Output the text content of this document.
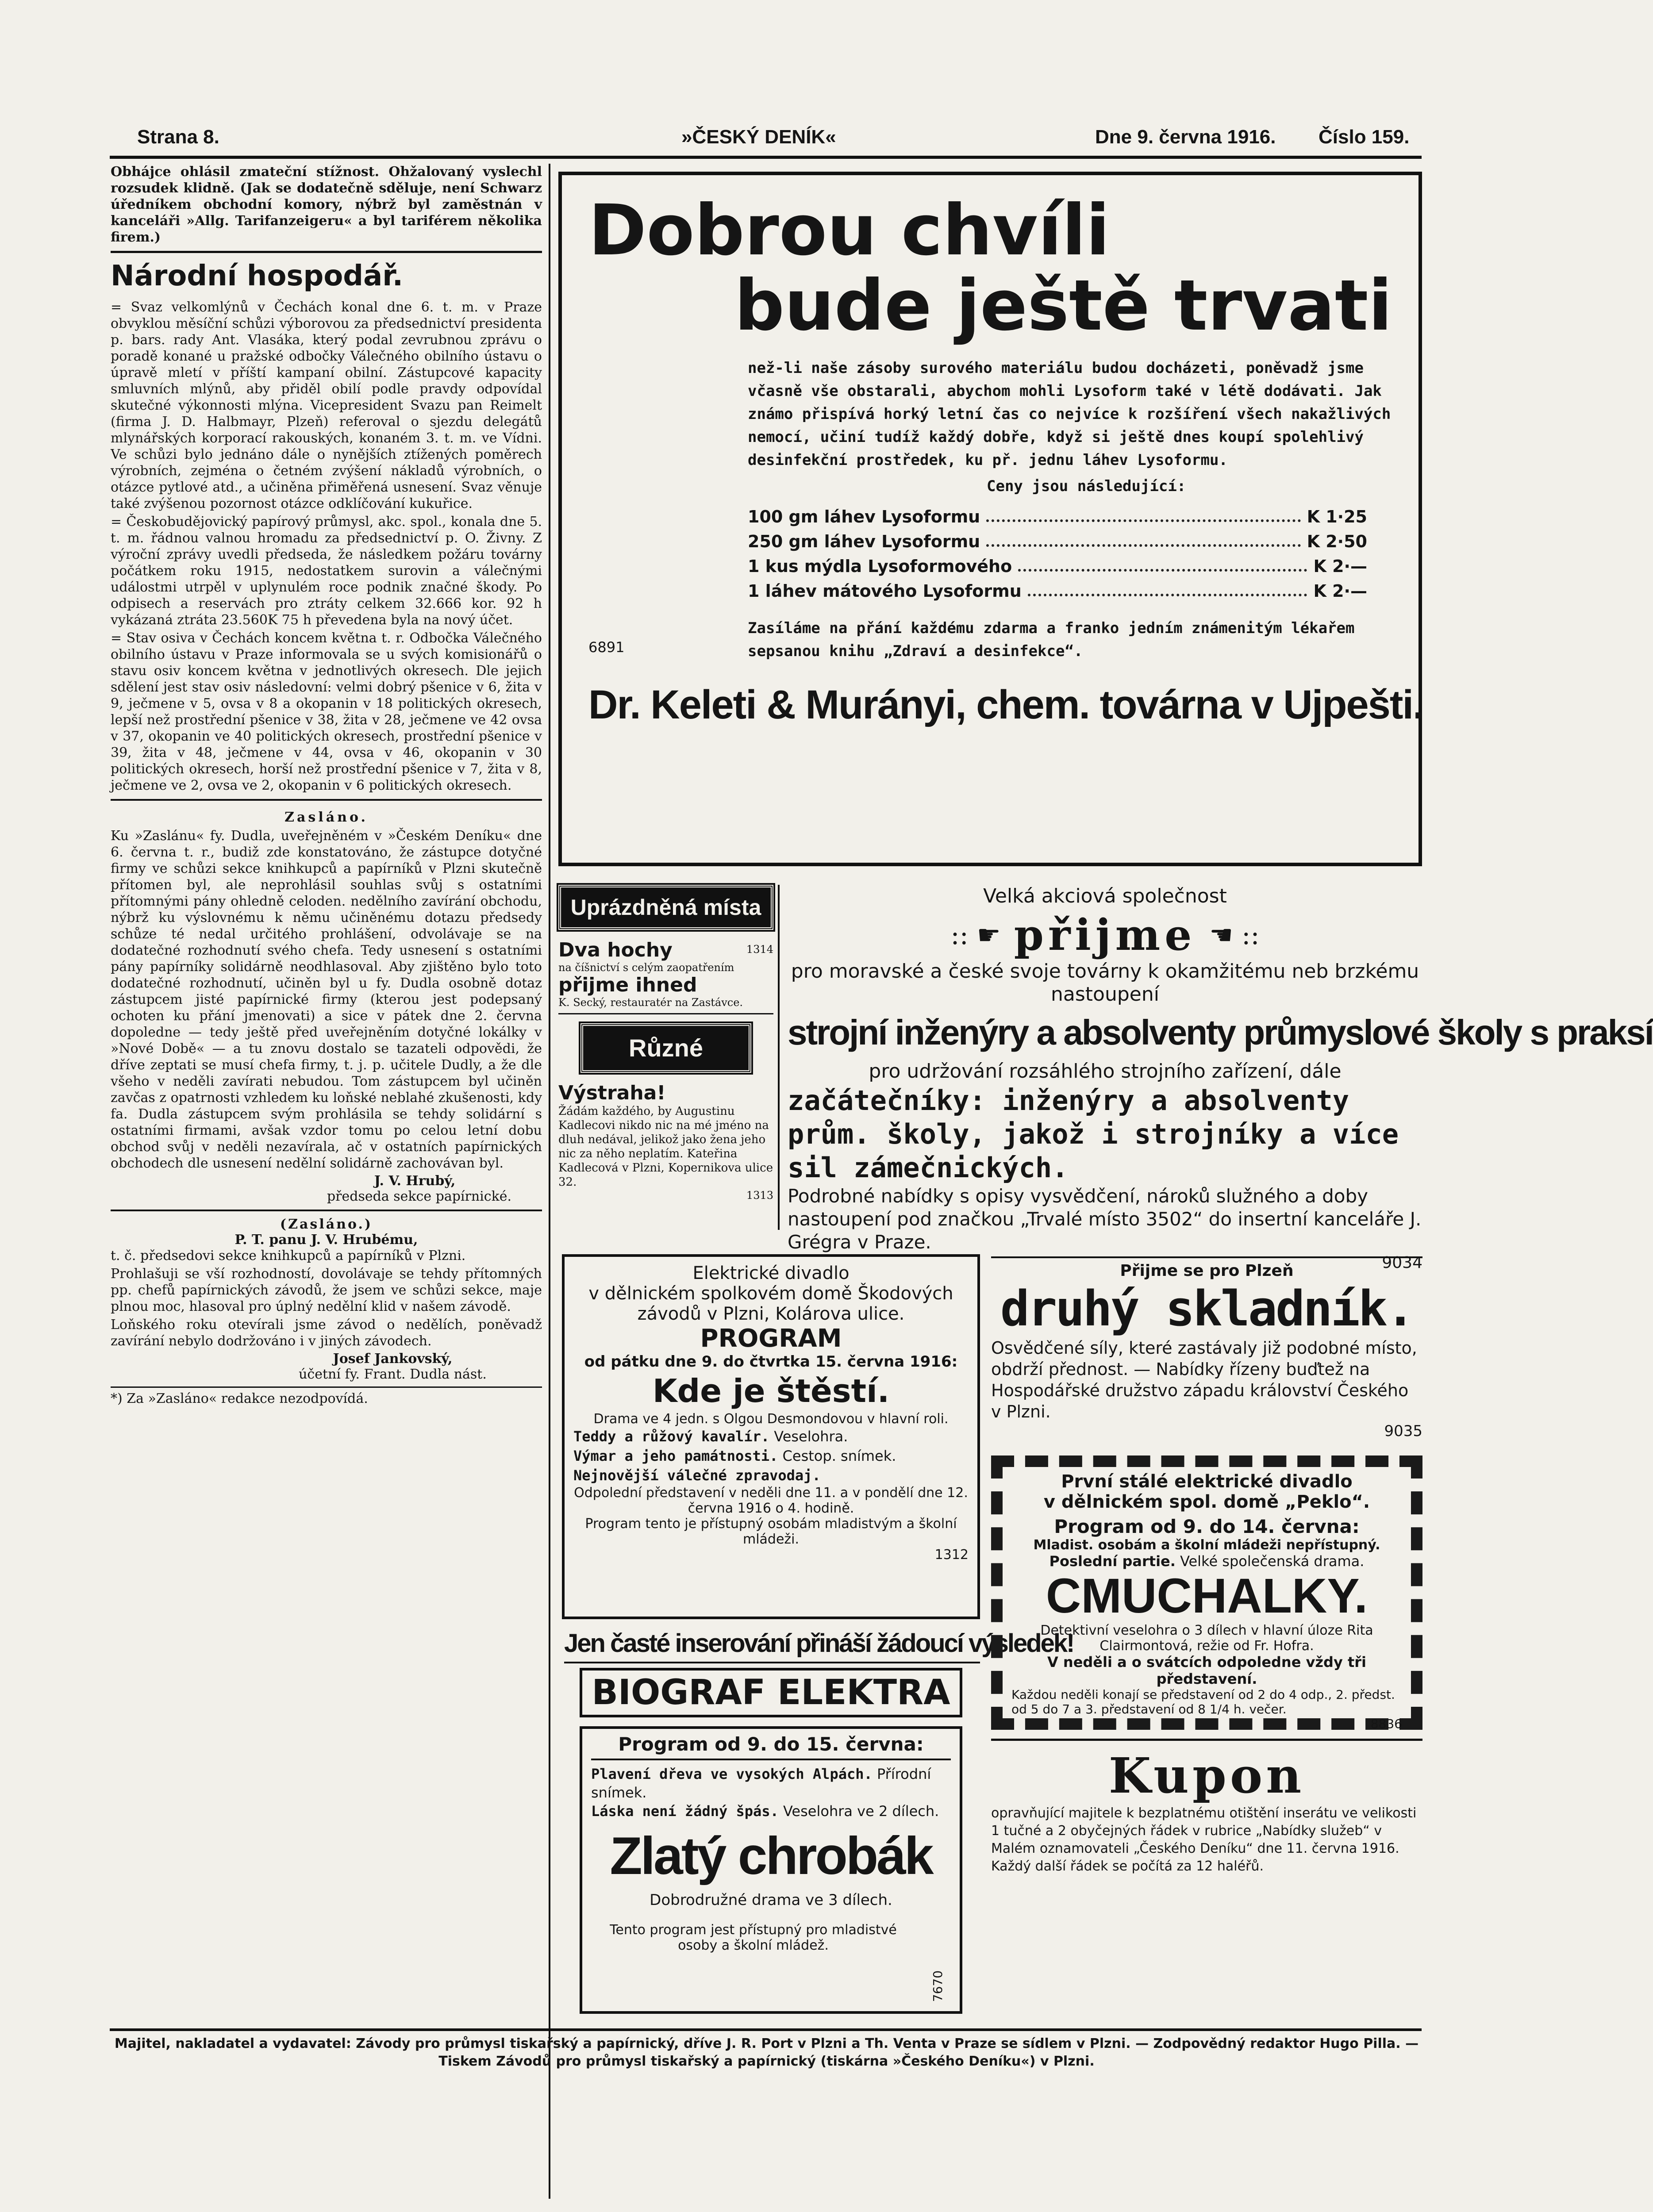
Strana 8.	»ČESKÝ DENÍK«	Dne 9. června 1916. Číslo 159.

Obhájce ohlásil zmateční stížnost. Ohžalovaný vyslechl rozsudek klidně. (Jak se dodatečně sděluje, není Schwarz úředníkem obchodní komory, nýbrž byl zaměstnán v kanceláři »Allg. Tarifanzeigeru« a byl tariférem několika firem.)

Národní hospodář.

= Svaz velkomlýnů v Čechách konal dne 6. t. m. v Praze obvyklou měsíční schůzi výborovou za předsednictví presidenta p. bars. rady Ant. Vlasáka, který podal zevrubnou zprávu o poradě konané u pražské odbočky Válečného obilního ústavu o úpravě mletí v příští kampaní obilní. Zástupcové kapacity smluvních mlýnů, aby přiděl obilí podle pravdy odpovídal skutečné výkonnosti mlýna. Vicepresident Svazu pan Reimelt (firma J. D. Halbmayr, Plzeň) referoval o sjezdu delegátů mlynářských korporací rakouských, konaném 3. t. m. ve Vídni. Ve schůzi bylo jednáno dále o nynějších ztížených poměrech výrobních, zejména o četném zvýšení nákladů výrobních, o otázce pytlové atd., a učiněna přiměřená usnesení. Svaz věnuje také zvýšenou pozornost otázce odklíčování kukuřice.

= Českobudějovický papírový průmysl, akc. spol., konala dne 5. t. m. řádnou valnou hromadu za předsednictví p. O. Živny. Z výroční zprávy uvedli předseda, že následkem požáru továrny počátkem roku 1915, nedostatkem surovin a válečnými událostmi utrpěl v uplynulém roce podnik značné škody. Po odpisech a reservách pro ztráty celkem 32.666 kor. 92 h vykázaná ztráta 23.560K 75 h převedena byla na nový účet.

= Stav osiva v Čechách koncem května t. r. Odbočka Válečného obilního ústavu v Praze informovala se u svých komisionářů o stavu osiv koncem května v jednotlivých okresech. Dle jejich sdělení jest stav osiv následovní: velmi dobrý pšenice v 6, žita v 9, ječmene v 5, ovsa v 8 a okopanin v 18 politických okresech, lepší než prostřední pšenice v 38, žita v 28, ječmene ve 42 ovsa v 37, okopanin ve 40 politických okresech, prostřední pšenice v 39, žita v 48, ječmene v 44, ovsa v 46, okopanin v 30 politických okresech, horší než prostřední pšenice v 7, žita v 8, ječmene ve 2, ovsa ve 2, okopanin v 6 politických okresech.

Zasláno.

Ku »Zaslánu« fy. Dudla, uveřejněném v »Českém Deníku« dne 6. června t. r., budiž zde konstatováno, že zástupce dotyčné firmy ve schůzi sekce knihkupců a papírníků v Plzni skutečně přítomen byl, ale neprohlásil souhlas svůj s ostatními přítomnými pány ohledně celoden. nedělního zavírání obchodu, nýbrž ku výslovnému k němu učiněnému dotazu předsedy schůze té nedal určitého prohlášení, odvolávaje se na dodatečné rozhodnutí svého chefa. Tedy usnesení s ostatními pány papírníky solidárně neodhlasoval. Aby zjištěno bylo toto dodatečné rozhodnutí, učiněn byl u fy. Dudla osobně dotaz zástupcem jisté papírnické firmy (kterou jest podepsaný ochoten ku přání jmenovati) a sice v pátek dne 2. června dopoledne — tedy ještě před uveřejněním dotyčné lokálky v »Nové Době« — a tu znovu dostalo se tazateli odpovědi, že dříve zeptati se musí chefa firmy, t. j. p. učitele Dudly, a že dle všeho v neděli zavírati nebudou. Tom zástupcem byl učiněn zavčas z opatrnosti vzhledem ku loňské neblahé zkušenosti, kdy fa. Dudla zástupcem svým prohlásila se tehdy solidární s ostatními firmami, avšak vzdor tomu po celou letní dobu obchod svůj v neděli nezavírala, ač v ostatních papírnických obchodech dle usnesení nedělní solidárně zachovávan byl.

J. V. Hrubý,
předseda sekce papírnické.
(Zasláno.)
P. T. panu J. V. Hrubému,

t. č. předsedovi sekce knihkupců a papírníků v Plzni.

Prohlašuji se vší rozhodností, dovolávaje se tehdy přítomných pp. chefů papírnických závodů, že jsem ve schůzi sekce, maje plnou moc, hlasoval pro úplný nedělní klid v našem závodě.

Loňského roku otevírali jsme závod o nedělích, poněvadž zavírání nebylo dodržováno i v jiných závodech.

Josef Jankovský,
účetní fy. Frant. Dudla nást.

*) Za »Zasláno« redakce nezodpovídá.

Dobrou chvíli
bude ještě trvati
než-li naše zásoby surového materiálu budou docházeti, poněvadž jsme včasně vše obstarali, abychom mohli Lysoform také v létě dodávati. Jak známo přispívá horký letní čas co nejvíce k rozšíření všech nakažlivých nemocí, učiní tudíž každý dobře, když si ještě dnes koupí spolehlivý desinfekční prostředek, ku př. jednu láhev Lysoformu.
Ceny jsou následující:
100 gm láhev Lysoformu	K 1·25
250 gm láhev Lysoformu	K 2·50
1 kus mýdla Lysoformového	K 2·—
1 láhev mátového Lysoformu	K 2·—
6891
Zasíláme na přání každému zdarma a franko jedním známenitým lékařem sepsanou knihu „Zdraví a desinfekce“.
Dr. Keleti & Murányi, chem. továrna v Ujpešti.
Uprázdněná místa
Dva hochy	1314
na číšnictví s celým zaopatřením
přijme ihned
K. Secký, restauratér na Zastávce.
Různé
Výstraha!
Žádám každého, by Augustinu Kadlecovi nikdo nic na mé jméno na dluh nedával, jelikož jako žena jeho nic za něho neplatím. Kateřina Kadlecová v Plzni, Kopernikova ulice 32.
1313
Velká akciová společnost
:: ☛ přijme ☚ ::
pro moravské a české svoje továrny k okamžitému neb brzkému nastoupení
strojní inženýry a absolventy průmyslové školy s praksí
pro udržování rozsáhlého strojního zařízení, dále
začátečníky: inženýry a absolventy prům. školy, jakož i strojníky a více sil zámečnických.
Podrobné nabídky s opisy vysvědčení, nároků služného a doby nastoupení pod značkou „Trvalé místo 3502“ do insertní kanceláře J. Grégra v Praze.
9034
Přijme se pro Plzeň
druhý skladník.
Osvědčené síly, které zastávaly již podobné místo, obdrží přednost. — Nabídky řízeny buďtež na Hospodářské družstvo západu království Českého v Plzni.
9035
Elektrické divadlo
v dělnickém spolkovém domě Škodových
závodů v Plzni, Kolárova ulice.
PROGRAM
od pátku dne 9. do čtvrtka 15. června 1916:
Kde je štěstí.
Drama ve 4 jedn. s Olgou Desmondovou v hlavní roli.
Teddy a růžový kavalír. Veselohra.
Výmar a jeho památnosti. Cestop. snímek.
Nejnovější válečné zpravodaj.
Odpolední představení v neděli dne 11. a v pondělí dne 12. června 1916 o 4. hodině.
Program tento je přístupný osobám mladistvým a školní mládeži.
1312
Jen časté inserování přináší žádoucí výsledek!
BIOGRAF ELEKTRA
Program od 9. do 15. června:
Plavení dřeva ve vysokých Alpách. Přírodní snímek.
Láska není žádný špás. Veselohra ve 2 dílech.
Zlatý chrobák
Dobrodružné drama ve 3 dílech.
Tento program jest přístupný pro mladistvé osoby a školní mládež.
7670
První stálé elektrické divadlo
v dělnickém spol. domě „Peklo“.
Program od 9. do 14. června:
Mladist. osobám a školní mládeži nepřístupný.
Poslední partie. Velké společenská drama.
CMUCHALKY.
Detektivní veselohra o 3 dílech v hlavní úloze Rita Clairmontová, režie od Fr. Hofra.
V neděli a o svátcích odpoledne vždy tři představení.
Každou neděli konají se představení od 2 do 4 odp., 2. předst. od 5 do 7 a 3. představení od 8 1/4 h. večer.
8836
Kupon
opravňující majitele k bezplatnému otištění inserátu ve velikosti 1 tučné a 2 obyčejných řádek v rubrice „Nabídky služeb“ v Malém oznamovateli „Českého Deníku“ dne 11. června 1916. Každý další řádek se počítá za 12 haléřů.
Majitel, nakladatel a vydavatel: Závody pro průmysl tiskařský a papírnický, dříve J. R. Port v Plzni a Th. Venta v Praze se sídlem v Plzni. — Zodpovědný redaktor Hugo Pilla. — Tiskem Závodů pro průmysl tiskařský a papírnický (tiskárna »Českého Deníku«) v Plzni.
